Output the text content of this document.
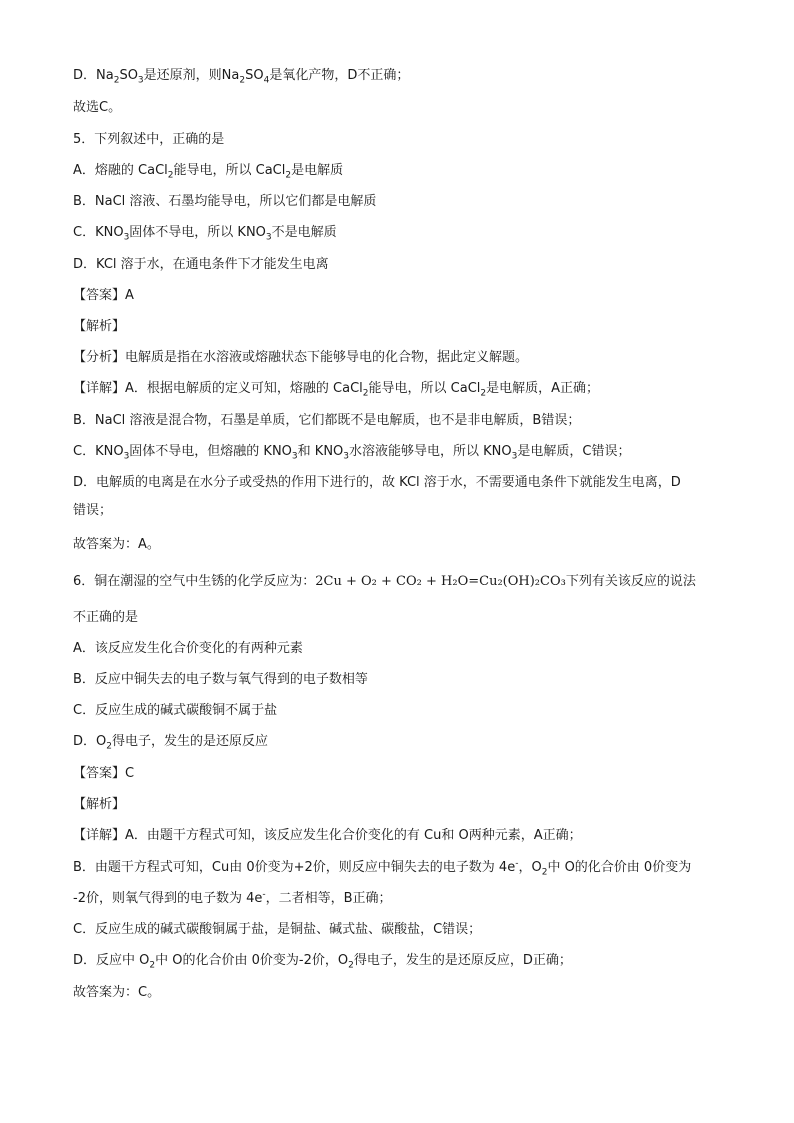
D．$Na_2SO_3$是还原剂，则$Na_2SO_4$是氧化产物，D不正确；
故选C。
5．下列叙述中，正确的是
A．熔融的 CaCl$_2$能导电，所以 CaCl$_2$是电解质
B．NaCl 溶液、石墨均能导电，所以它们都是电解质
C．$KNO_3$固体不导电，所以 $KNO_3$不是电解质
D．KCl 溶于水，在通电条件下才能发生电离
【答案】A
【解析】
【分析】电解质是指在水溶液或熔融状态下能够导电的化合物，据此定义解题。
【详解】A．根据电解质的定义可知，熔融的 CaCl$_2$能导电，所以 CaCl$_2$是电解质，A正确；
B．NaCl 溶液是混合物，石墨是单质，它们都既不是电解质，也不是非电解质，B错误；
C．$KNO_3$固体不导电，但熔融的 $KNO_3$和 $KNO_3$水溶液能够导电，所以 $KNO_3$是电解质，C错误；
D．电解质的电离是在水分子或受热的作用下进行的，故 KCl 溶于水，不需要通电条件下就能发生电离，D
错误；
故答案为：A。
6．铜在潮湿的空气中生锈的化学反应为：2Cu + O₂ + CO₂ + H₂O=Cu₂(OH)₂CO₃下列有关该反应的说法
不正确的是
A．该反应发生化合价变化的有两种元素
B．反应中铜失去的电子数与氧气得到的电子数相等
C．反应生成的碱式碳酸铜不属于盐
D．$O_2$得电子，发生的是还原反应
【答案】C
【解析】
【详解】A．由题干方程式可知，该反应发生化合价变化的有 Cu和 O两种元素，A正确；
B．由题干方程式可知，Cu由 0价变为+2价，则反应中铜失去的电子数为 4e-，$O_2$中 O的化合价由 0价变为
-2价，则氧气得到的电子数为 4e-，二者相等，B正确；
C．反应生成的碱式碳酸铜属于盐，是铜盐、碱式盐、碳酸盐，C错误；
D．反应中 $O_2$中 O的化合价由 0价变为-2价，$O_2$得电子，发生的是还原反应，D正确；
故答案为：C。
